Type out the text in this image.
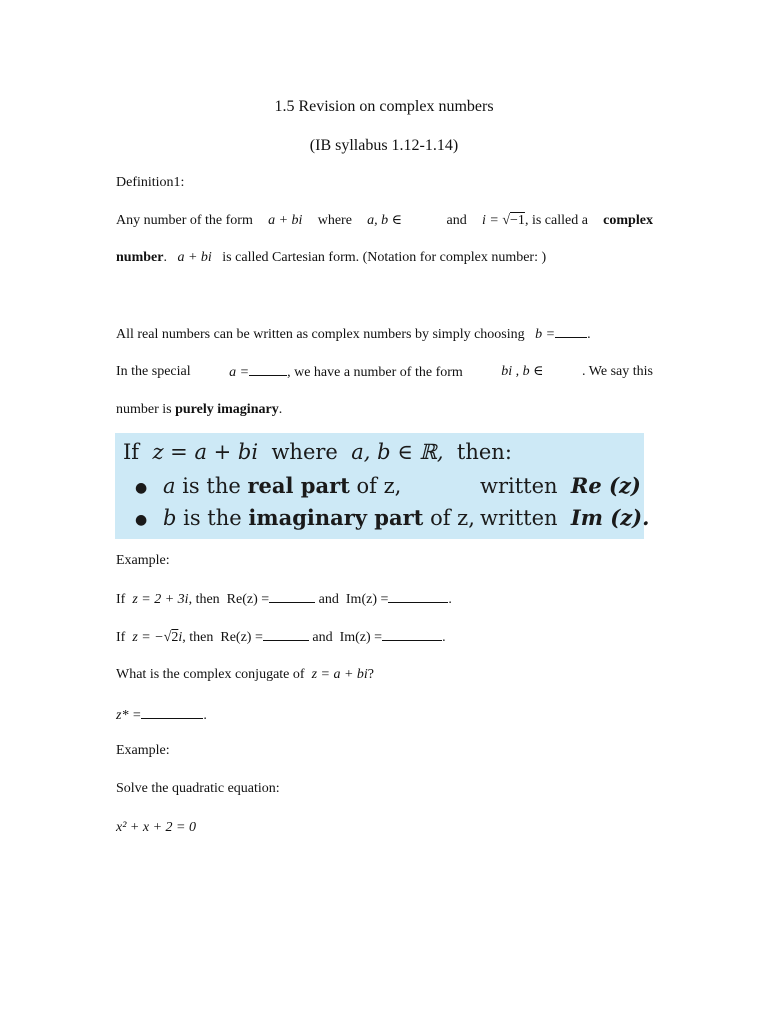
1.5 Revision on complex numbers
(IB syllabus 1.12-1.14)
Definition1:
Any number of the form a + bi where a, b ∈	and i = √−1, is called a complex
number.   a + bi is called Cartesian form. (Notation for complex number: )
All real numbers can be written as complex numbers by simply choosing b = .
In the special	a =	, we have a number of the form	bi , b ∈	. We say this
number is purely imaginary.
If z = a + bi where a, b ∈ ℝ, then:
● a is the real part of z,	written Re (z)
● b is the imaginary part of z, written Im (z).
Example:
If z = 2 + 3i, then Re(z) =	and Im(z) =	.
If z = −√2i, then Re(z) =	and Im(z) =	.
What is the complex conjugate of z = a + bi?
z* =	.
Example:
Solve the quadratic equation:
x² + x + 2 = 0
